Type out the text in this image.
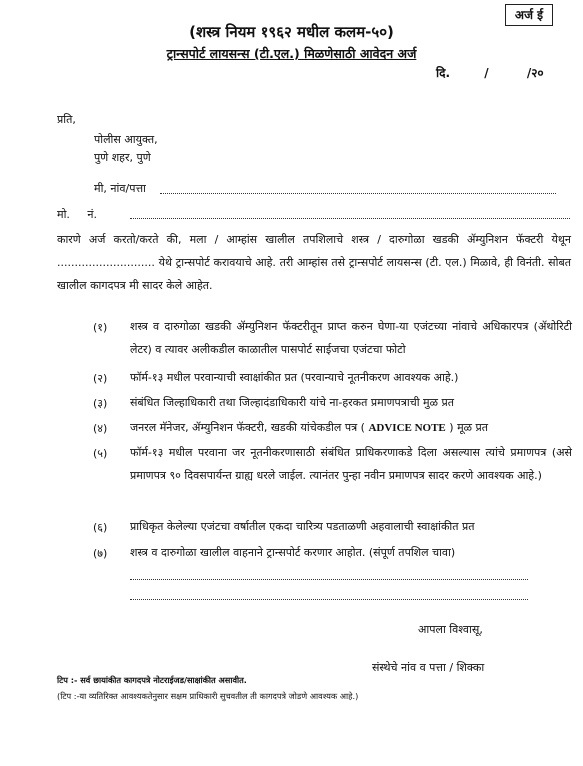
अर्ज ई
(शस्त्र नियम १९६२ मधील कलम-५०)
ट्रान्सपोर्ट लायसन्स (टी.एल.) मिळणेसाठी आवेदन अर्ज
दि.	/	/२०
प्रति,
पोलीस आयुक्त,
पुणे शहर, पुणे
मी, नांव/पत्ता
मो.     नं.
कारणे अर्ज करतो/करते की, मला / आम्हांस खालील तपशिलाचे शस्त्र / दारुगोळा खडकी ॲम्युनिशन फॅक्टरी येथून ............................ येथे ट्रान्सपोर्ट करावयाचे आहे. तरी आम्हांस तसे ट्रान्सपोर्ट लायसन्स (टी. एल.) मिळावे, ही विनंती. सोबत खालील कागदपत्र मी सादर केले आहेत.
(१)	शस्त्र व दारुगोळा खडकी ॲम्युनिशन फॅक्टरीतून प्राप्त करुन घेणा-या एजंटच्या नांवाचे अधिकारपत्र (ॲथोरिटी लेटर) व त्यावर अलीकडील काळातील पासपोर्ट साईजचा एजंटचा फोटो
(२)	फॉर्म-१३ मधील परवान्याची स्वाक्षांकीत प्रत (परवान्याचे नूतनीकरण आवश्यक आहे.)
(३)	संबंधित जिल्हाधिकारी तथा जिल्हादंडाधिकारी यांचे ना-हरकत प्रमाणपत्राची मुळ प्रत
(४)	जनरल मॅनेजर, ॲम्युनिशन फॅक्टरी, खडकी यांचेकडील पत्र ( ADVICE NOTE ) मूळ प्रत
(५)	फॉर्म-१३ मधील परवाना जर नूतनीकरणासाठी संबंधित प्राधिकरणाकडे दिला असल्यास त्यांचे प्रमाणपत्र (असे प्रमाणपत्र ९० दिवसपार्यन्त ग्राह्य धरले जाईल. त्यानंतर पुन्हा नवीन प्रमाणपत्र सादर करणे आवश्यक आहे.)
(६)	प्राधिकृत केलेल्या एजंटचा वर्षातील एकदा चारित्र्य पडताळणी अहवालाची स्वाक्षांकीत प्रत
(७)	शस्त्र व दारुगोळा खालील वाहनाने ट्रान्सपोर्ट करणार आहोत. (संपूर्ण तपशिल चावा)
आपला विश्वासू,
संस्थेचे नांव व पत्ता / शिक्का
टिप :- सर्व छायांकीत कागदपत्रे नोटराईजड/साक्षांकीत असावीत.
(टिप :-या व्यतिरिक्त आवश्यकतेनुसार सक्षम प्राधिकारी सुचवतील ती कागदपत्रे जोडणे आवश्यक आहे.)
